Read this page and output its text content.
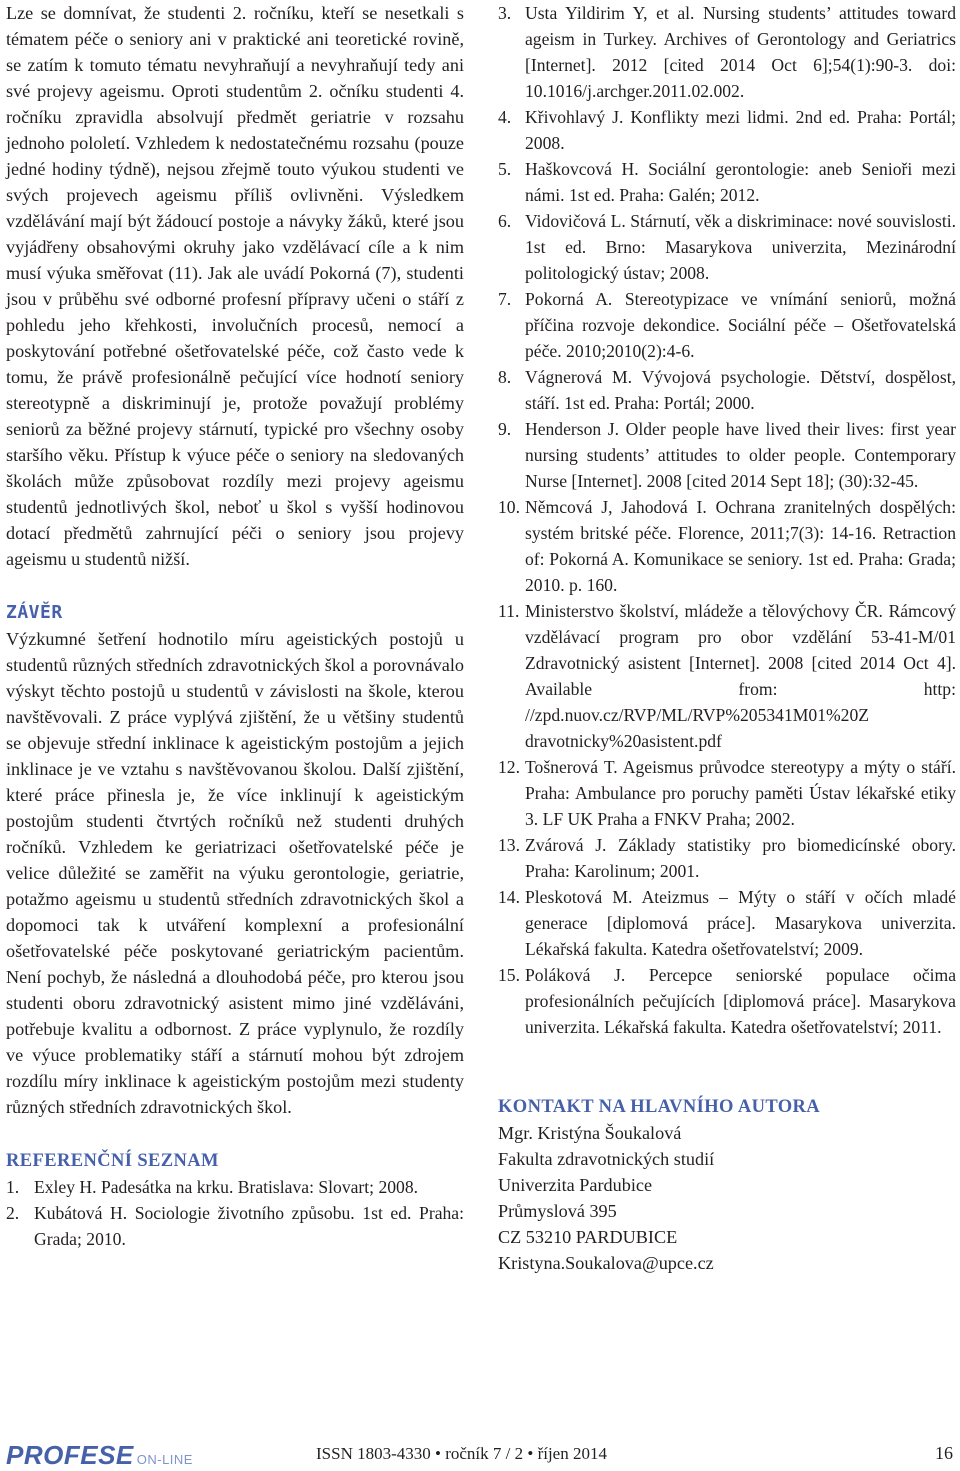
Lze se domnívat, že studenti 2. ročníku, kteří se nesetkali s tématem péče o seniory ani v praktické ani teoretické rovině, se zatím k tomuto tématu nevyhraňují a nevyhraňují tedy ani své projevy ageismu. Oproti studentům 2. očníku studenti 4. ročníku zpravidla absolvují předmět geriatrie v rozsahu jednoho pololetí. Vzhledem k nedostatečnému rozsahu (pouze jedné hodiny týdně), nejsou zřejmě touto výukou studenti ve svých projevech ageismu příliš ovlivněni. Výsledkem vzdělávání mají být žádoucí postoje a návyky žáků, které jsou vyjádřeny obsahovými okruhy jako vzdělávací cíle a k nim musí výuka směřovat (11). Jak ale uvádí Pokorná (7), studenti jsou v průběhu své odborné profesní přípravy učeni o stáří z pohledu jeho křehkosti, involučních procesů, nemocí a poskytování potřebné ošetřovatelské péče, což často vede k tomu, že právě profesionálně pečující více hodnotí seniory stereotypně a diskriminují je, protože považují problémy seniorů za běžné projevy stárnutí, typické pro všechny osoby staršího věku. Přístup k výuce péče o seniory na sledovaných školách může způsobovat rozdíly mezi projevy ageismu studentů jednotlivých škol, neboť u škol s vyšší hodinovou dotací předmětů zahrnující péči o seniory jsou projevy ageismu u studentů nižší.

ZÁVĚR

Výzkumné šetření hodnotilo míru ageistických postojů u studentů různých středních zdravotnických škol a porovnávalo výskyt těchto postojů u studentů v závislosti na škole, kterou navštěvovali. Z práce vyplývá zjištění, že u většiny studentů se objevuje střední inklinace k ageistickým postojům a jejich inklinace je ve vztahu s navštěvovanou školou. Další zjištění, které práce přinesla je, že více inklinují k ageistickým postojům studenti čtvrtých ročníků než studenti druhých ročníků. Vzhledem ke geriatrizaci ošetřovatelské péče je velice důležité se zaměřit na výuku gerontologie, geriatrie, potažmo ageismu u studentů středních zdravotnických škol a dopomoci tak k utváření komplexní a profesionální ošetřovatelské péče poskytované geriatrickým pacientům. Není pochyb, že následná a dlouhodobá péče, pro kterou jsou studenti oboru zdravotnický asistent mimo jiné vzděláváni, potřebuje kvalitu a odbornost. Z práce vyplynulo, že rozdíly ve výuce problematiky stáří a stárnutí mohou být zdrojem rozdílu míry inklinace k ageistickým postojům mezi studenty různých středních zdravotnických škol.

REFERENČNÍ SEZNAM
1. Exley H. Padesátka na krku. Bratislava: Slovart; 2008.
2. Kubátová H. Sociologie životního způsobu. 1st ed. Praha: Grada; 2010.
3. Usta Yildirim Y, et al. Nursing students’ attitudes toward ageism in Turkey. Archives of Gerontology and Geriatrics [Internet]. 2012 [cited 2014 Oct 6];54(1):90-3. doi: 10.1016/j.archger.2011.02.002.
4. Křivohlavý J. Konflikty mezi lidmi. 2nd ed. Praha: Portál; 2008.
5. Haškovcová H. Sociální gerontologie: aneb Senioři mezi námi. 1st ed. Praha: Galén; 2012.
6. Vidovičová L. Stárnutí, věk a diskriminace: nové souvislosti. 1st ed. Brno: Masarykova univerzita, Mezinárodní politologický ústav; 2008.
7. Pokorná A. Stereotypizace ve vnímání seniorů, možná příčina rozvoje dekondice. Sociální péče – Ošetřovatelská péče. 2010;2010(2):4-6.
8. Vágnerová M. Vývojová psychologie. Dětství, dospělost, stáří. 1st ed. Praha: Portál; 2000.
9. Henderson J. Older people have lived their lives: first year nursing students’ attitudes to older people. Contemporary Nurse [Internet]. 2008 [cited 2014 Sept 18]; (30):32-45.
10. Němcová J, Jahodová I. Ochrana zranitelných dospělých: systém britské péče. Florence, 2011;7(3): 14-16. Retraction of: Pokorná A. Komunikace se seniory. 1st ed. Praha: Grada; 2010. p. 160.
11. Ministerstvo školství, mládeže a tělovýchovy ČR. Rámcový vzdělávací program pro obor vzdělání 53-41-M/01 Zdravotnický asistent [Internet]. 2008 [cited 2014 Oct 4]. Available from: http: //zpd.nuov.cz/RVP/ML/RVP%205341M01%20Z dravotnicky%20asistent.pdf
12. Tošnerová T. Ageismus průvodce stereotypy a mýty o stáří. Praha: Ambulance pro poruchy paměti Ústav lékařské etiky 3. LF UK Praha a FNKV Praha; 2002.
13. Zvárová J. Základy statistiky pro biomedicínské obory. Praha: Karolinum; 2001.
14. Pleskotová M. Ateizmus – Mýty o stáří v očích mladé generace [diplomová práce]. Masarykova univerzita. Lékařská fakulta. Katedra ošetřovatelství; 2009.
15. Poláková J. Percepce seniorské populace očima profesionálních pečujících [diplomová práce]. Masarykova univerzita. Lékařská fakulta. Katedra ošetřovatelství; 2011.
KONTAKT NA HLAVNÍHO AUTORA

Mgr. Kristýna Šoukalová

Fakulta zdravotnických studií

Univerzita Pardubice

Průmyslová 395

CZ 53210 PARDUBICE

Kristyna.Soukalova@upce.cz

PROFESE ON-LINE	ISSN 1803-4330 • ročník 7 / 2 • říjen 2014	16
